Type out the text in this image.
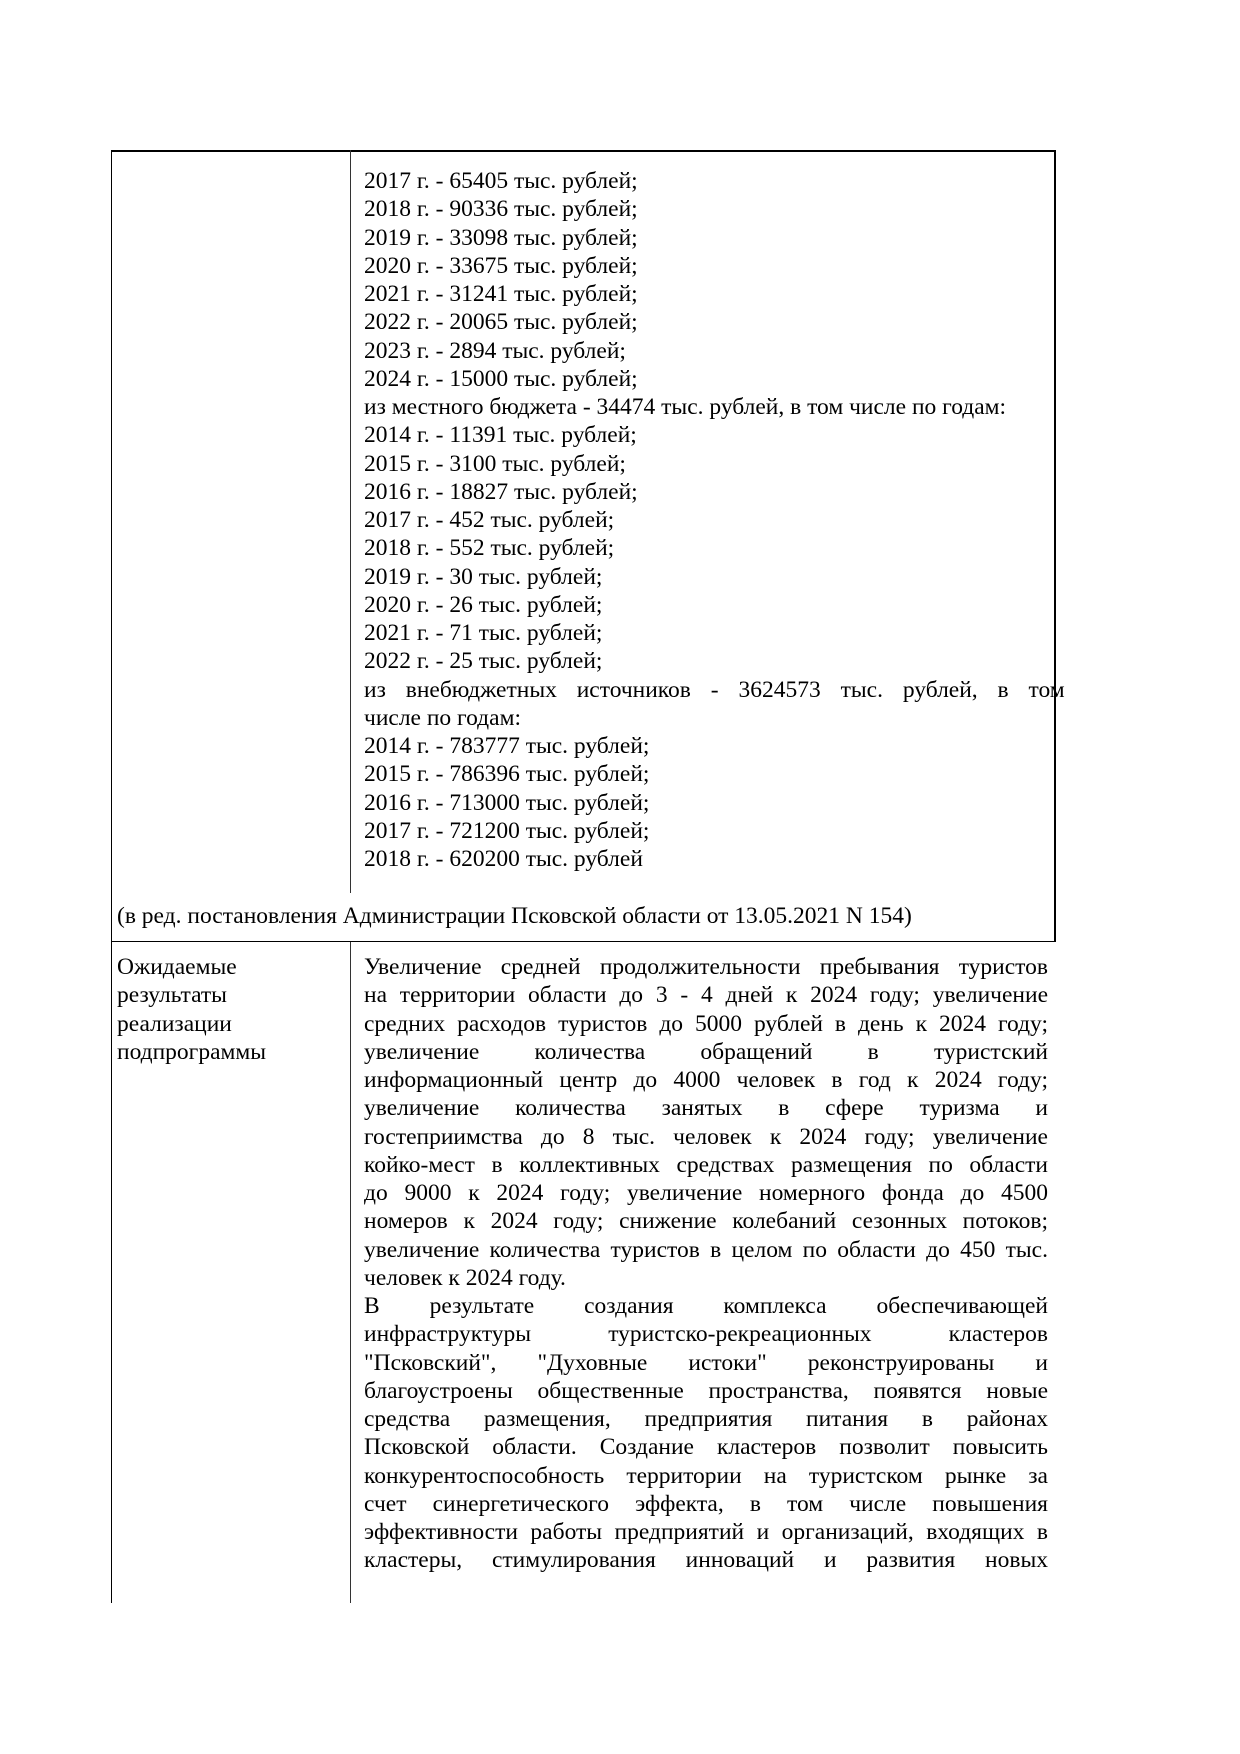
2017 г. - 65405 тыс. рублей;
2018 г. - 90336 тыс. рублей;
2019 г. - 33098 тыс. рублей;
2020 г. - 33675 тыс. рублей;
2021 г. - 31241 тыс. рублей;
2022 г. - 20065 тыс. рублей;
2023 г. - 2894 тыс. рублей;
2024 г. - 15000 тыс. рублей;
из местного бюджета - 34474 тыс. рублей, в том числе по годам:
2014 г. - 11391 тыс. рублей;
2015 г. - 3100 тыс. рублей;
2016 г. - 18827 тыс. рублей;
2017 г. - 452 тыс. рублей;
2018 г. - 552 тыс. рублей;
2019 г. - 30 тыс. рублей;
2020 г. - 26 тыс. рублей;
2021 г. - 71 тыс. рублей;
2022 г. - 25 тыс. рублей;
из внебюджетных источников - 3624573 тыс. рублей, в том
числе по годам:
2014 г. - 783777 тыс. рублей;
2015 г. - 786396 тыс. рублей;
2016 г. - 713000 тыс. рублей;
2017 г. - 721200 тыс. рублей;
2018 г. - 620200 тыс. рублей
(в ред. постановления Администрации Псковской области от 13.05.2021 N 154)
Ожидаемые
результаты
реализации
подпрограммы
Увеличение средней продолжительности пребывания туристов
на территории области до 3 - 4 дней к 2024 году; увеличение
средних расходов туристов до 5000 рублей в день к 2024 году;
увеличение количества обращений в туристский
информационный центр до 4000 человек в год к 2024 году;
увеличение количества занятых в сфере туризма и
гостеприимства до 8 тыс. человек к 2024 году; увеличение
койко-мест в коллективных средствах размещения по области
до 9000 к 2024 году; увеличение номерного фонда до 4500
номеров к 2024 году; снижение колебаний сезонных потоков;
увеличение количества туристов в целом по области до 450 тыс.
человек к 2024 году.
В результате создания комплекса обеспечивающей
инфраструктуры туристско-рекреационных кластеров
"Псковский", "Духовные истоки" реконструированы и
благоустроены общественные пространства, появятся новые
средства размещения, предприятия питания в районах
Псковской области. Создание кластеров позволит повысить
конкурентоспособность территории на туристском рынке за
счет синергетического эффекта, в том числе повышения
эффективности работы предприятий и организаций, входящих в
кластеры, стимулирования инноваций и развития новых
